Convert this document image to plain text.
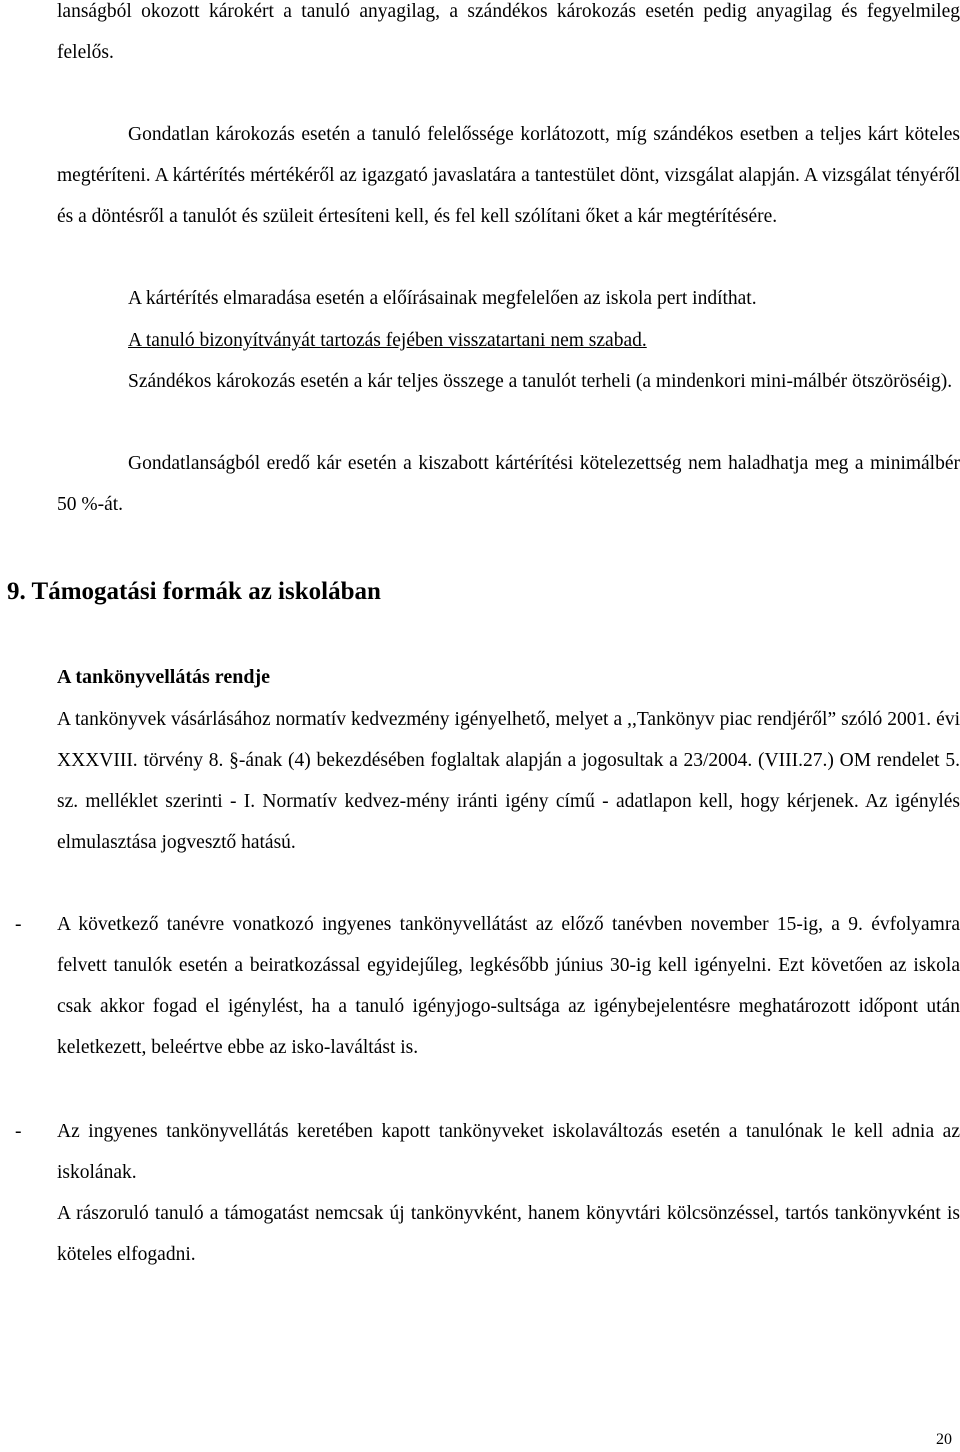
lanságból okozott károkért a tanuló anyagilag, a szándékos károkozás esetén pedig anyagilag és fegyelmileg felelős.

Gondatlan károkozás esetén a tanuló felelőssége korlátozott, míg szándékos esetben a teljes kárt köteles megtéríteni. A kártérítés mértékéről az igazgató javaslatára a tantestület dönt, vizsgálat alapján. A vizsgálat tényéről és a döntésről a tanulót és szüleit értesíteni kell, és fel kell szólítani őket a kár megtérítésére.

A kártérítés elmaradása esetén a előírásainak megfelelően az iskola pert indíthat.

A tanuló bizonyítványát tartozás fejében visszatartani nem szabad.

Szándékos károkozás esetén a kár teljes összege a tanulót terheli (a mindenkori mini-málbér ötszöröséig).

Gondatlanságból eredő kár esetén a kiszabott kártérítési kötelezettség nem haladhatja meg a minimálbér 50 %-át.

9. Támogatási formák az iskolában
A tankönyvellátás rendje

A tankönyvek vásárlásához normatív kedvezmény igényelhető, melyet a ,,Tankönyv piac rendjéről” szóló 2001. évi XXXVIII. törvény 8. §-ának (4) bekezdésében foglaltak alapján a jogosultak a 23/2004. (VIII.27.) OM rendelet 5. sz. melléklet szerinti - I. Normatív kedvez-mény iránti igény című - adatlapon kell, hogy kérjenek. Az igénylés elmulasztása jogvesztő hatású.

- A következő tanévre vonatkozó ingyenes tankönyvellátást az előző tanévben november 15-ig, a 9. évfolyamra felvett tanulók esetén a beiratkozással egyidejűleg, legkésőbb június 30-ig kell igényelni. Ezt követően az iskola csak akkor fogad el igénylést, ha a tanuló igényjogo-sultsága az igénybejelentésre meghatározott időpont után keletkezett, beleértve ebbe az isko-laváltást is.

- Az ingyenes tankönyvellátás keretében kapott tankönyveket iskolaváltozás esetén a tanulónak le kell adnia az iskolának.

A rászoruló tanuló a támogatást nemcsak új tankönyvként, hanem könyvtári kölcsönzéssel, tartós tankönyvként is köteles elfogadni.

20
